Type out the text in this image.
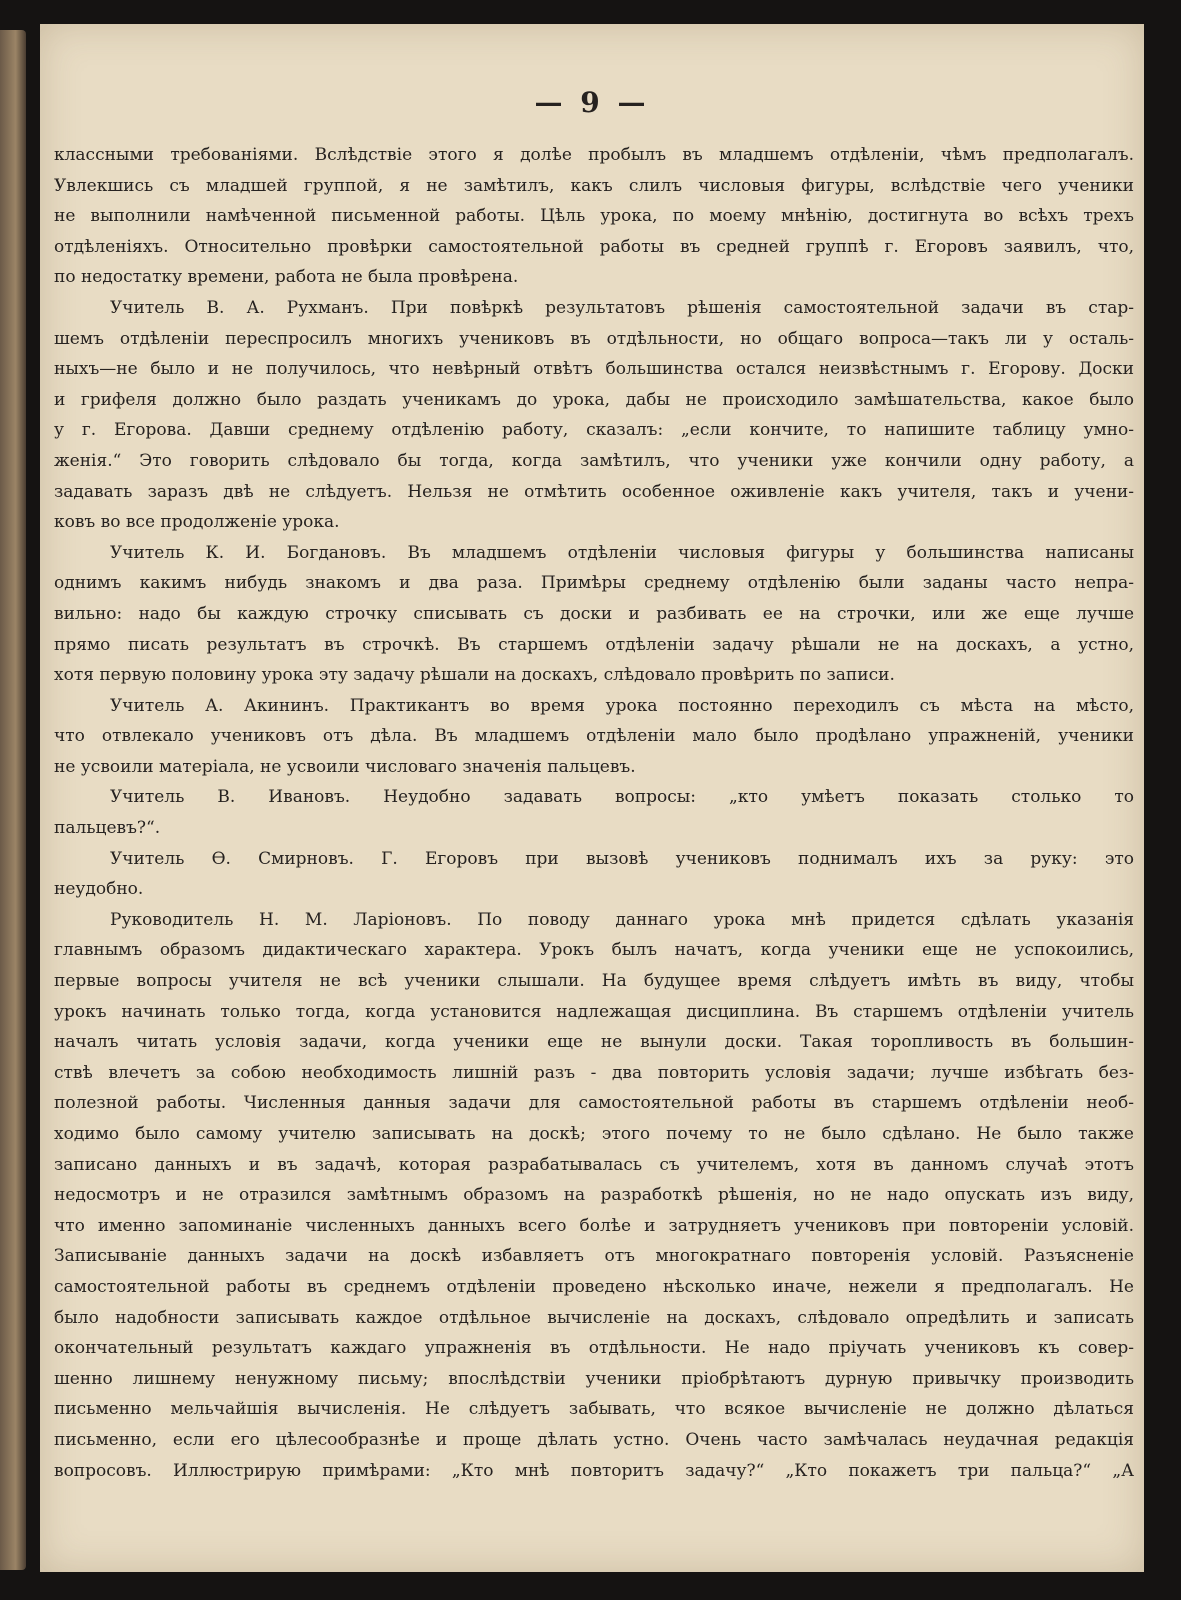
— 9 —
классными требованіями. Вслѣдствіе этого я долѣе пробылъ въ младшемъ отдѣленіи, чѣмъ предполагалъ.
Увлекшись съ младшей группой, я не замѣтилъ, какъ слилъ числовыя фигуры, вслѣдствіе чего ученики
не выполнили намѣченной письменной работы. Цѣль урока, по моему мнѣнію, достигнута во всѣхъ трехъ
отдѣленіяхъ. Относительно провѣрки самостоятельной работы въ средней группѣ г. Егоровъ заявилъ, что,
по недостатку времени, работа не была провѣрена.
Учитель В. А. Рухманъ. При повѣркѣ результатовъ рѣшенія самостоятельной задачи въ стар-
шемъ отдѣленіи переспросилъ многихъ учениковъ въ отдѣльности, но общаго вопроса—такъ ли у осталь-
ныхъ—не было и не получилось, что невѣрный отвѣтъ большинства остался неизвѣстнымъ г. Егорову. Доски
и грифеля должно было раздать ученикамъ до урока, дабы не происходило замѣшательства, какое было
у г. Егорова. Давши среднему отдѣленію работу, сказалъ: „если кончите, то напишите таблицу умно-
женія.“ Это говорить слѣдовало бы тогда, когда замѣтилъ, что ученики уже кончили одну работу, а
задавать заразъ двѣ не слѣдуетъ. Нельзя не отмѣтить особенное оживленіе какъ учителя, такъ и учени-
ковъ во все продолженіе урока.
Учитель К. И. Богдановъ. Въ младшемъ отдѣленіи числовыя фигуры у большинства написаны
однимъ какимъ нибудь знакомъ и два раза. Примѣры среднему отдѣленію были заданы часто непра-
вильно: надо бы каждую строчку списывать съ доски и разбивать ее на строчки, или же еще лучше
прямо писать результатъ въ строчкѣ. Въ старшемъ отдѣленіи задачу рѣшали не на доскахъ, а устно,
хотя первую половину урока эту задачу рѣшали на доскахъ, слѣдовало провѣрить по записи.
Учитель А. Акининъ. Практикантъ во время урока постоянно переходилъ съ мѣста на мѣсто,
что отвлекало учениковъ отъ дѣла. Въ младшемъ отдѣленіи мало было продѣлано упражненій, ученики
не усвоили матеріала, не усвоили числоваго значенія пальцевъ.
Учитель В. Ивановъ. Неудобно задавать вопросы: „кто умѣетъ показать столько то
пальцевъ?“.
Учитель Ѳ. Смирновъ. Г. Егоровъ при вызовѣ учениковъ поднималъ ихъ за руку: это
неудобно.
Руководитель Н. М. Ларіоновъ. По поводу даннаго урока мнѣ придется сдѣлать указанія
главнымъ образомъ дидактическаго характера. Урокъ былъ начатъ, когда ученики еще не успокоились,
первые вопросы учителя не всѣ ученики слышали. На будущее время слѣдуетъ имѣть въ виду, чтобы
урокъ начинать только тогда, когда установится надлежащая дисциплина. Въ старшемъ отдѣленіи учитель
началъ читать условія задачи, когда ученики еще не вынули доски. Такая торопливость въ большин-
ствѣ влечетъ за собою необходимость лишній разъ - два повторить условія задачи; лучше избѣгать без-
полезной работы. Численныя данныя задачи для самостоятельной работы въ старшемъ отдѣленіи необ-
ходимо было самому учителю записывать на доскѣ; этого почему то не было сдѣлано. Не было также
записано данныхъ и въ задачѣ, которая разрабатывалась съ учителемъ, хотя въ данномъ случаѣ этотъ
недосмотръ и не отразился замѣтнымъ образомъ на разработкѣ рѣшенія, но не надо опускать изъ виду,
что именно запоминаніе численныхъ данныхъ всего болѣе и затрудняетъ учениковъ при повтореніи условій.
Записываніе данныхъ задачи на доскѣ избавляетъ отъ многократнаго повторенія условій. Разъясненіе
самостоятельной работы въ среднемъ отдѣленіи проведено нѣсколько иначе, нежели я предполагалъ. Не
было надобности записывать каждое отдѣльное вычисленіе на доскахъ, слѣдовало опредѣлить и записать
окончательный результатъ каждаго упражненія въ отдѣльности. Не надо пріучать учениковъ къ совер-
шенно лишнему ненужному письму; впослѣдствіи ученики пріобрѣтаютъ дурную привычку производить
письменно мельчайшія вычисленія. Не слѣдуетъ забывать, что всякое вычисленіе не должно дѣлаться
письменно, если его цѣлесообразнѣе и проще дѣлать устно. Очень часто замѣчалась неудачная редакція
вопросовъ. Иллюстрирую примѣрами: „Кто мнѣ повторитъ задачу?“ „Кто покажетъ три пальца?“ „А
